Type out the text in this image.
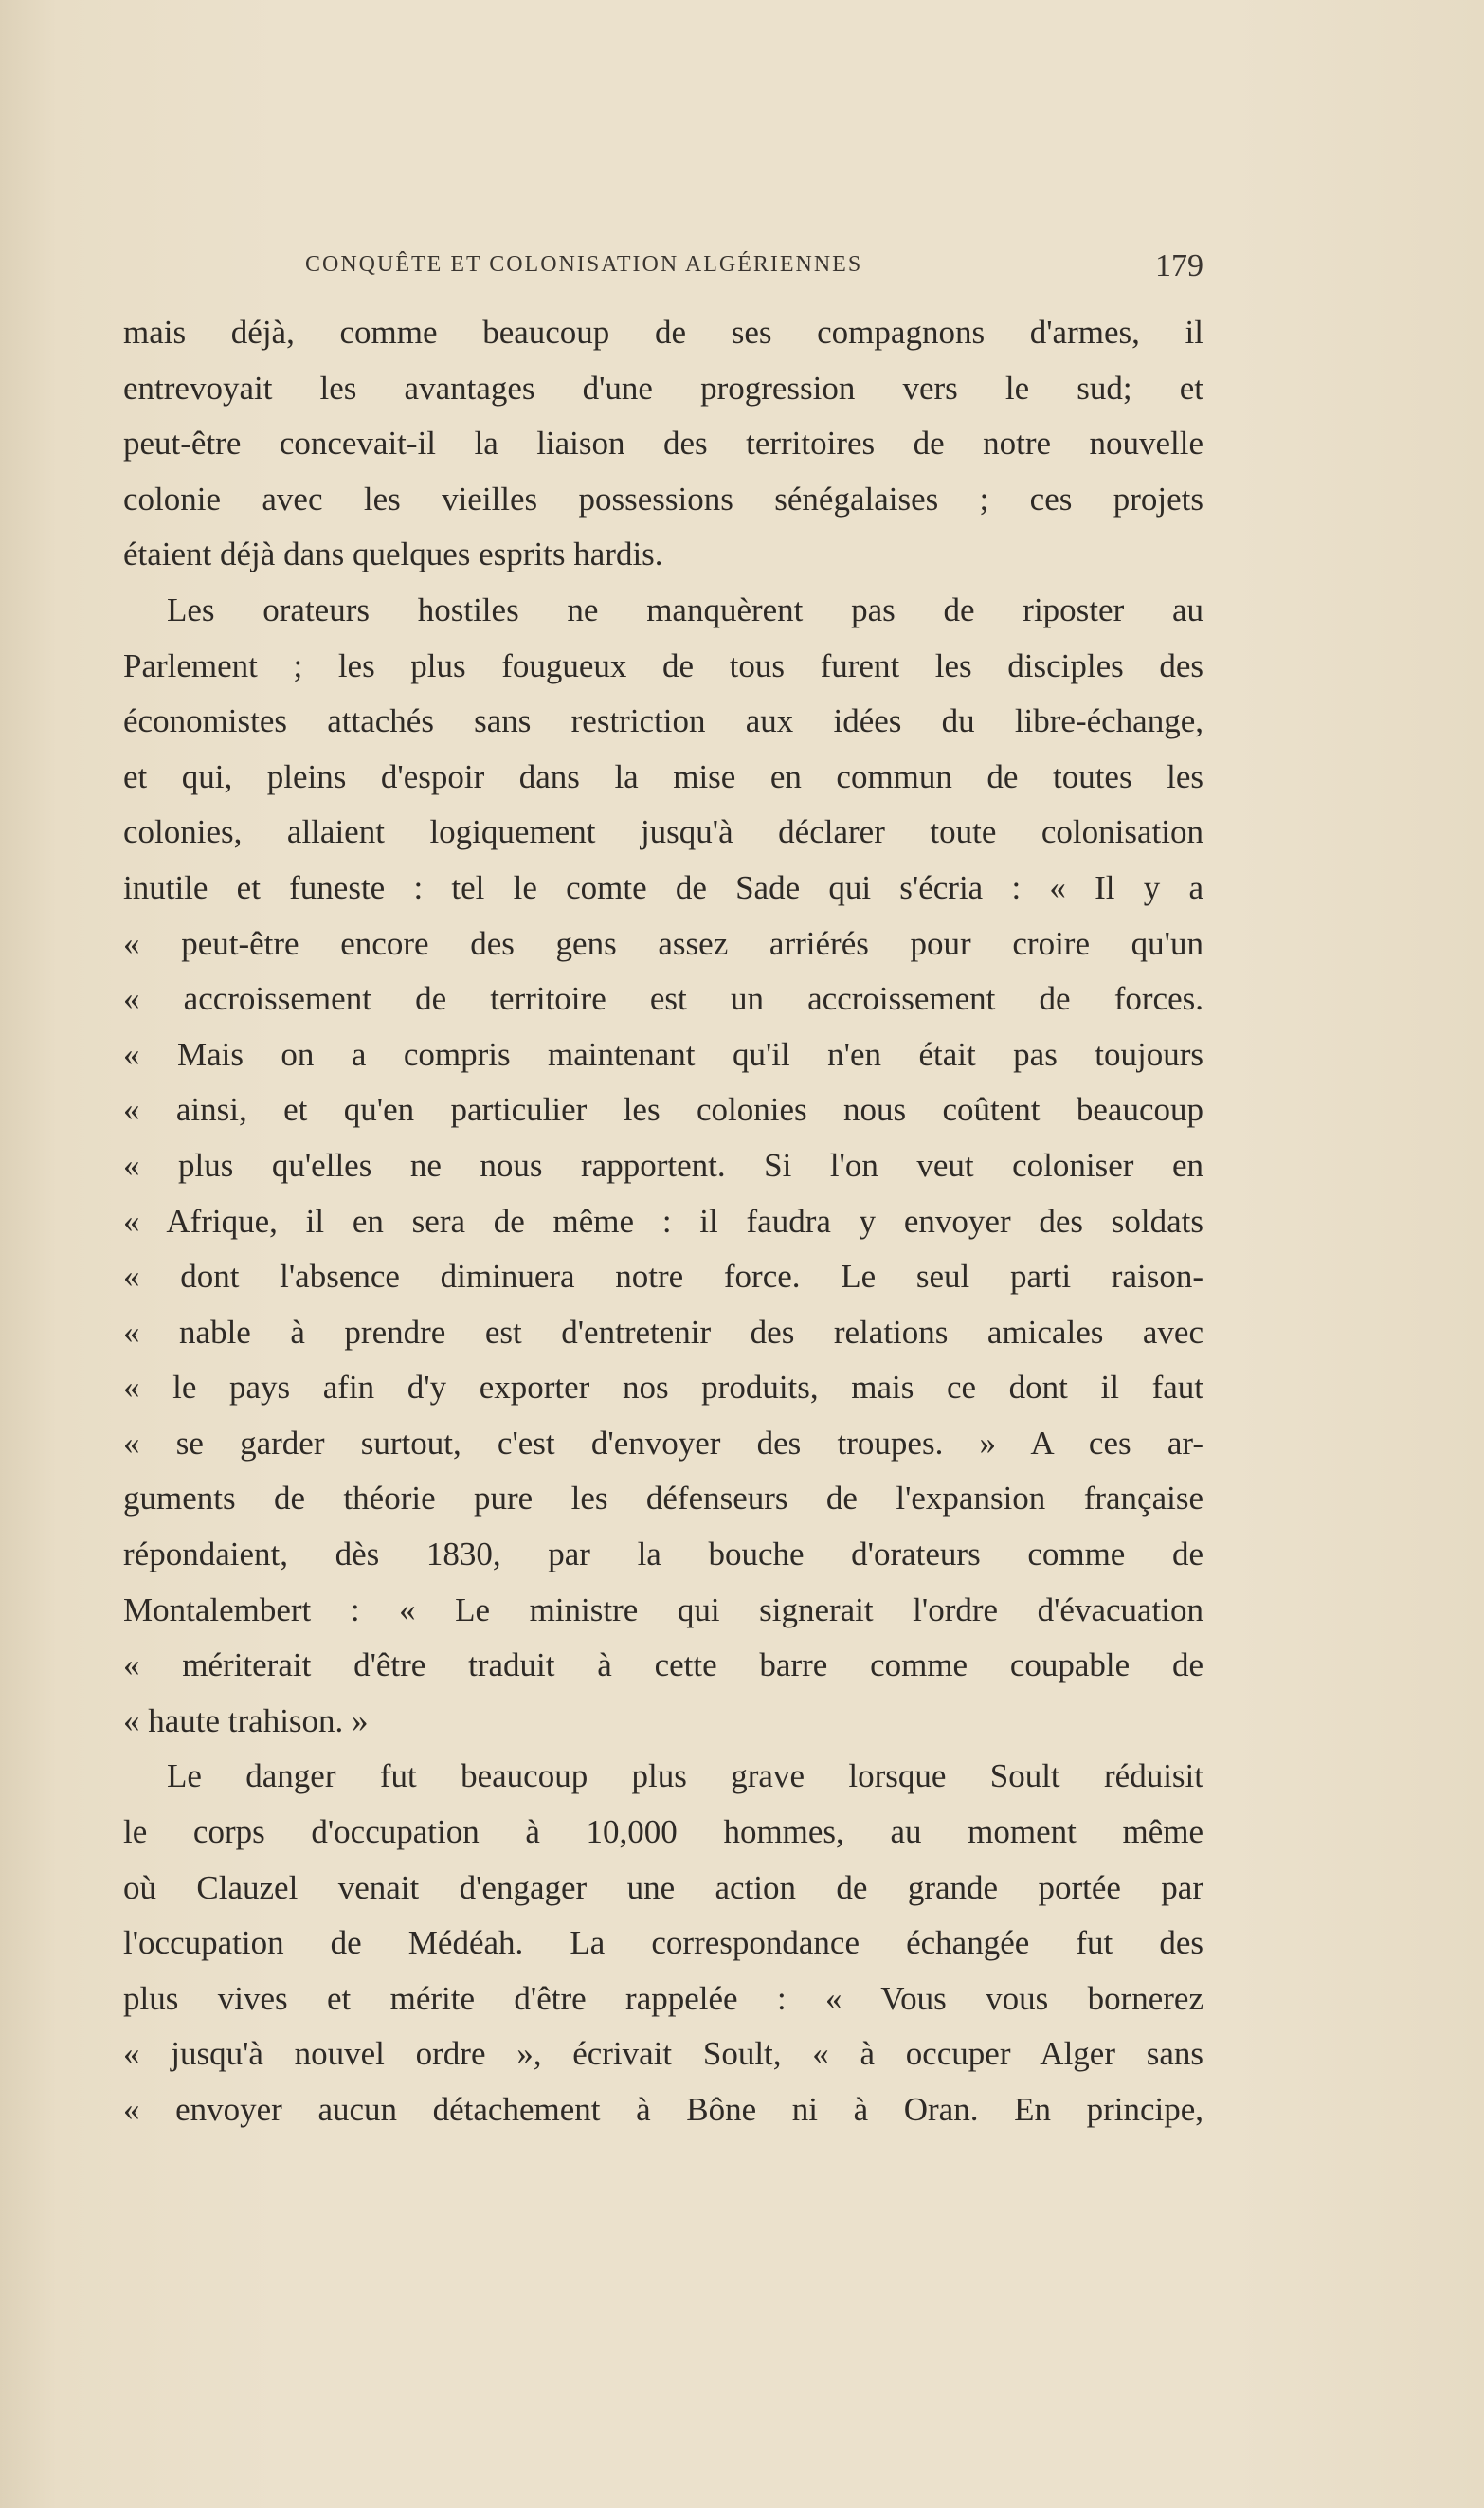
CONQUÊTE ET COLONISATION ALGÉRIENNES	179
mais déjà, comme beaucoup de ses compagnons d'armes, il
entrevoyait les avantages d'une progression vers le sud; et
peut-être concevait-il la liaison des territoires de notre nouvelle
colonie avec les vieilles possessions sénégalaises ; ces projets
étaient déjà dans quelques esprits hardis.
Les orateurs hostiles ne manquèrent pas de riposter au
Parlement ; les plus fougueux de tous furent les disciples des
économistes attachés sans restriction aux idées du libre-échange,
et qui, pleins d'espoir dans la mise en commun de toutes les
colonies, allaient logiquement jusqu'à déclarer toute colonisation
inutile et funeste : tel le comte de Sade qui s'écria : « Il y a
« peut-être encore des gens assez arriérés pour croire qu'un
« accroissement de territoire est un accroissement de forces.
« Mais on a compris maintenant qu'il n'en était pas toujours
« ainsi, et qu'en particulier les colonies nous coûtent beaucoup
« plus qu'elles ne nous rapportent. Si l'on veut coloniser en
« Afrique, il en sera de même : il faudra y envoyer des soldats
« dont l'absence diminuera notre force. Le seul parti raison-
« nable à prendre est d'entretenir des relations amicales avec
« le pays afin d'y exporter nos produits, mais ce dont il faut
« se garder surtout, c'est d'envoyer des troupes. » A ces ar-
guments de théorie pure les défenseurs de l'expansion française
répondaient, dès 1830, par la bouche d'orateurs comme de
Montalembert : « Le ministre qui signerait l'ordre d'évacuation
« mériterait d'être traduit à cette barre comme coupable de
« haute trahison. »
Le danger fut beaucoup plus grave lorsque Soult réduisit
le corps d'occupation à 10,000 hommes, au moment même
où Clauzel venait d'engager une action de grande portée par
l'occupation de Médéah. La correspondance échangée fut des
plus vives et mérite d'être rappelée : « Vous vous bornerez
« jusqu'à nouvel ordre », écrivait Soult, « à occuper Alger sans
« envoyer aucun détachement à Bône ni à Oran. En principe,
